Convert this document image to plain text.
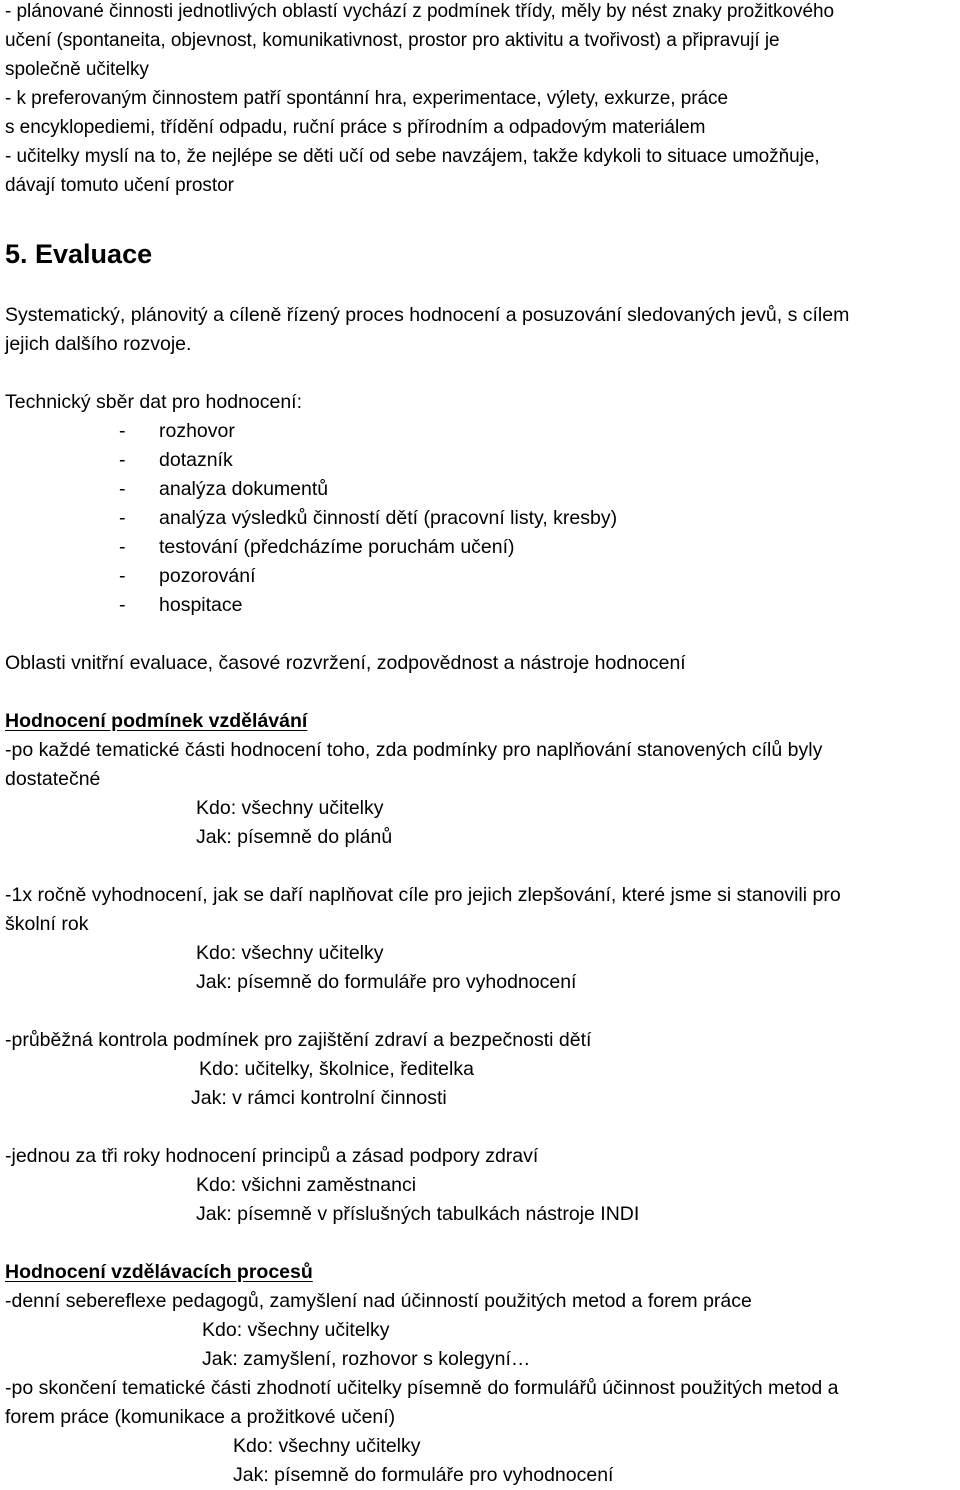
- plánované činnosti jednotlivých oblastí vychází z podmínek třídy, měly by nést znaky prožitkového
učení (spontaneita, objevnost, komunikativnost, prostor pro aktivitu a tvořivost) a připravují je
společně učitelky
- k preferovaným činnostem patří spontánní hra, experimentace, výlety, exkurze, práce
s encyklopediemi, třídění odpadu, ruční práce s přírodním a odpadovým materiálem
- učitelky myslí na to, že nejlépe se děti učí od sebe navzájem, takže kdykoli to situace umožňuje,
dávají tomuto učení prostor
5. Evaluace
Systematický, plánovitý a cíleně řízený proces hodnocení a posuzování sledovaných jevů, s cílem
jejich dalšího rozvoje.
Technický sběr dat pro hodnocení:
- rozhovor
- dotazník
- analýza dokumentů
- analýza výsledků činností dětí (pracovní listy, kresby)
- testování (předcházíme poruchám učení)
- pozorování
- hospitace
Oblasti vnitřní evaluace, časové rozvržení, zodpovědnost a nástroje hodnocení
Hodnocení podmínek vzdělávání
-po každé tematické části hodnocení toho, zda podmínky pro naplňování stanovených cílů byly
dostatečné
Kdo: všechny učitelky
Jak: písemně do plánů
-1x ročně vyhodnocení, jak se daří naplňovat cíle pro jejich zlepšování, které jsme si stanovili pro
školní rok
Kdo: všechny učitelky
Jak: písemně do formuláře pro vyhodnocení
-průběžná kontrola podmínek pro zajištění zdraví a bezpečnosti dětí
Kdo: učitelky, školnice, ředitelka
Jak: v rámci kontrolní činnosti
-jednou za tři roky hodnocení principů a zásad podpory zdraví
Kdo: všichni zaměstnanci
Jak: písemně v příslušných tabulkách nástroje INDI
Hodnocení vzdělávacích procesů
-denní sebereflexe pedagogů, zamyšlení nad účinností použitých metod a forem práce
Kdo: všechny učitelky
Jak: zamyšlení, rozhovor s kolegyní…
-po skončení tematické části zhodnotí učitelky písemně do formulářů účinnost použitých metod a
forem práce (komunikace a prožitkové učení)
Kdo: všechny učitelky
Jak: písemně do formuláře pro vyhodnocení
